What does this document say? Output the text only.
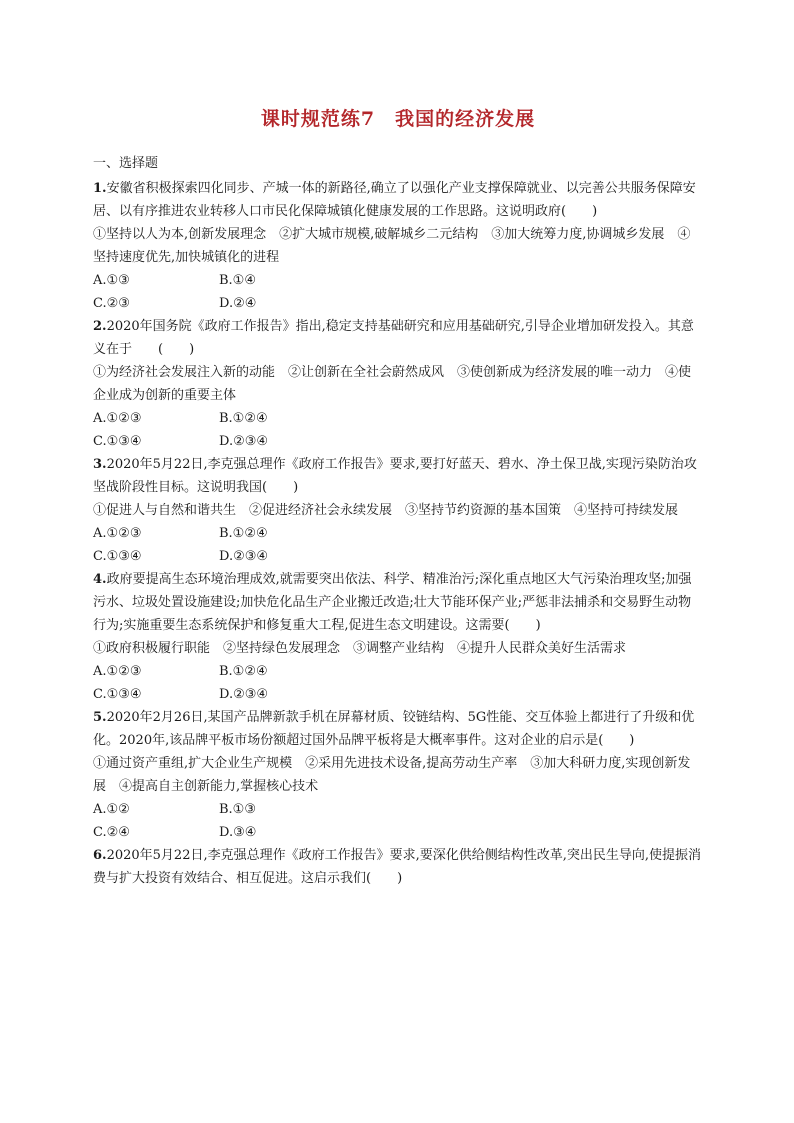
课时规范练7　我国的经济发展

一、选择题

1.安徽省积极探索四化同步、产城一体的新路径,确立了以强化产业支撑保障就业、以完善公共服务保障安居、以有序推进农业转移人口市民化保障城镇化健康发展的工作思路。这说明政府(　　)

①坚持以人为本,创新发展理念　②扩大城市规模,破解城乡二元结构　③加大统筹力度,协调城乡发展　④坚持速度优先,加快城镇化的进程

A.①③	B.①④
C.②③	D.②④

2.2020年国务院《政府工作报告》指出,稳定支持基础研究和应用基础研究,引导企业增加研发投入。其意义在于　　(　　)

①为经济社会发展注入新的动能　②让创新在全社会蔚然成风　③使创新成为经济发展的唯一动力　④使企业成为创新的重要主体

A.①②③	B.①②④
C.①③④	D.②③④

3.2020年5月22日,李克强总理作《政府工作报告》要求,要打好蓝天、碧水、净土保卫战,实现污染防治攻坚战阶段性目标。这说明我国(　　)

①促进人与自然和谐共生　②促进经济社会永续发展　③坚持节约资源的基本国策　④坚持可持续发展

A.①②③	B.①②④
C.①③④	D.②③④

4.政府要提高生态环境治理成效,就需要突出依法、科学、精准治污;深化重点地区大气污染治理攻坚;加强污水、垃圾处置设施建设;加快危化品生产企业搬迁改造;壮大节能环保产业;严惩非法捕杀和交易野生动物行为;实施重要生态系统保护和修复重大工程,促进生态文明建设。这需要(　　)

①政府积极履行职能　②坚持绿色发展理念　③调整产业结构　④提升人民群众美好生活需求

A.①②③	B.①②④
C.①③④	D.②③④

5.2020年2月26日,某国产品牌新款手机在屏幕材质、铰链结构、5G性能、交互体验上都进行了升级和优化。2020年,该品牌平板市场份额超过国外品牌平板将是大概率事件。这对企业的启示是(　　)

①通过资产重组,扩大企业生产规模　②采用先进技术设备,提高劳动生产率　③加大科研力度,实现创新发展　④提高自主创新能力,掌握核心技术

A.①②	B.①③
C.②④	D.③④

6.2020年5月22日,李克强总理作《政府工作报告》要求,要深化供给侧结构性改革,突出民生导向,使提振消费与扩大投资有效结合、相互促进。这启示我们(　　)
